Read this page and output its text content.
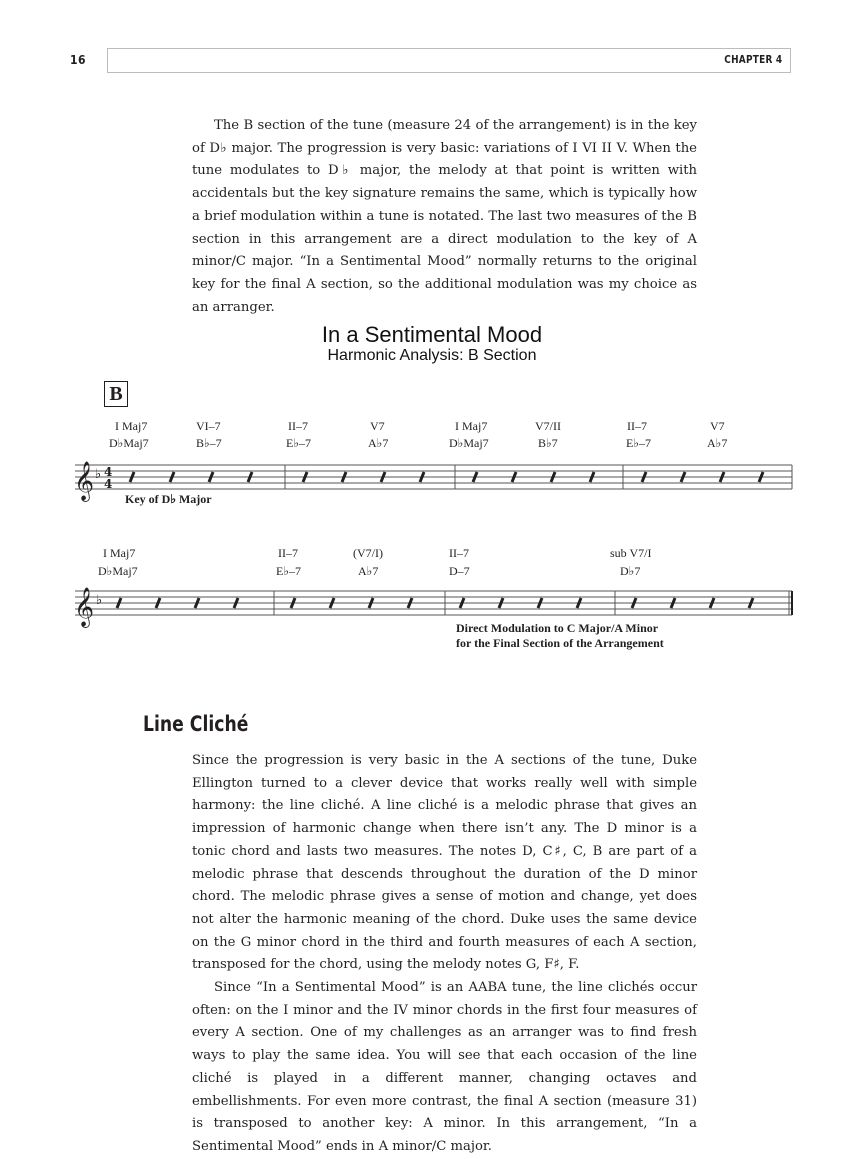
16	CHAPTER 4

The B section of the tune (measure 24 of the arrangement) is in the key of D♭ major. The progression is very basic: variations of I VI II V. When the tune modulates to D♭ major, the melody at that point is written with accidentals but the key signature remains the same, which is typically how a brief modulation within a tune is notated. The last two measures of the B section in this arrangement are a direct modulation to the key of A minor/C major. “In a Sentimental Mood” normally returns to the original key for the final A section, so the additional modulation was my choice as an arranger.

In a Sentimental Mood
Harmonic Analysis: B Section
B
I Maj7
D♭Maj7
VI–7
B♭–7
II–7
E♭–7
V7
A♭7
I Maj7
D♭Maj7
V7/II
B♭7
II–7
E♭–7
V7
A♭7
𝄞 ♭ 4
4
Key of D♭ Major
I Maj7
D♭Maj7
II–7
E♭–7
(V7/I)
A♭7
II–7
D–7
sub V7/I
D♭7
𝄞 ♭
Direct Modulation to C Major/A Minor
for the Final Section of the Arrangement
Line Cliché

Since the progression is very basic in the A sections of the tune, Duke Ellington turned to a clever device that works really well with simple harmony: the line cliché. A line cliché is a melodic phrase that gives an impression of harmonic change when there isn’t any. The D minor is a tonic chord and lasts two measures. The notes D, C♯, C, B are part of a melodic phrase that descends throughout the duration of the D minor chord. The melodic phrase gives a sense of motion and change, yet does not alter the harmonic meaning of the chord. Duke uses the same device on the G minor chord in the third and fourth measures of each A section, transposed for the chord, using the melody notes G, F♯, F.

Since “In a Sentimental Mood” is an AABA tune, the line clichés occur often: on the I minor and the IV minor chords in the first four measures of every A section. One of my challenges as an arranger was to find fresh ways to play the same idea. You will see that each occasion of the line cliché is played in a different manner, changing octaves and embellishments. For even more contrast, the final A section (measure 31) is transposed to another key: A minor. In this arrangement, “In a Sentimental Mood” ends in A minor/C major.
